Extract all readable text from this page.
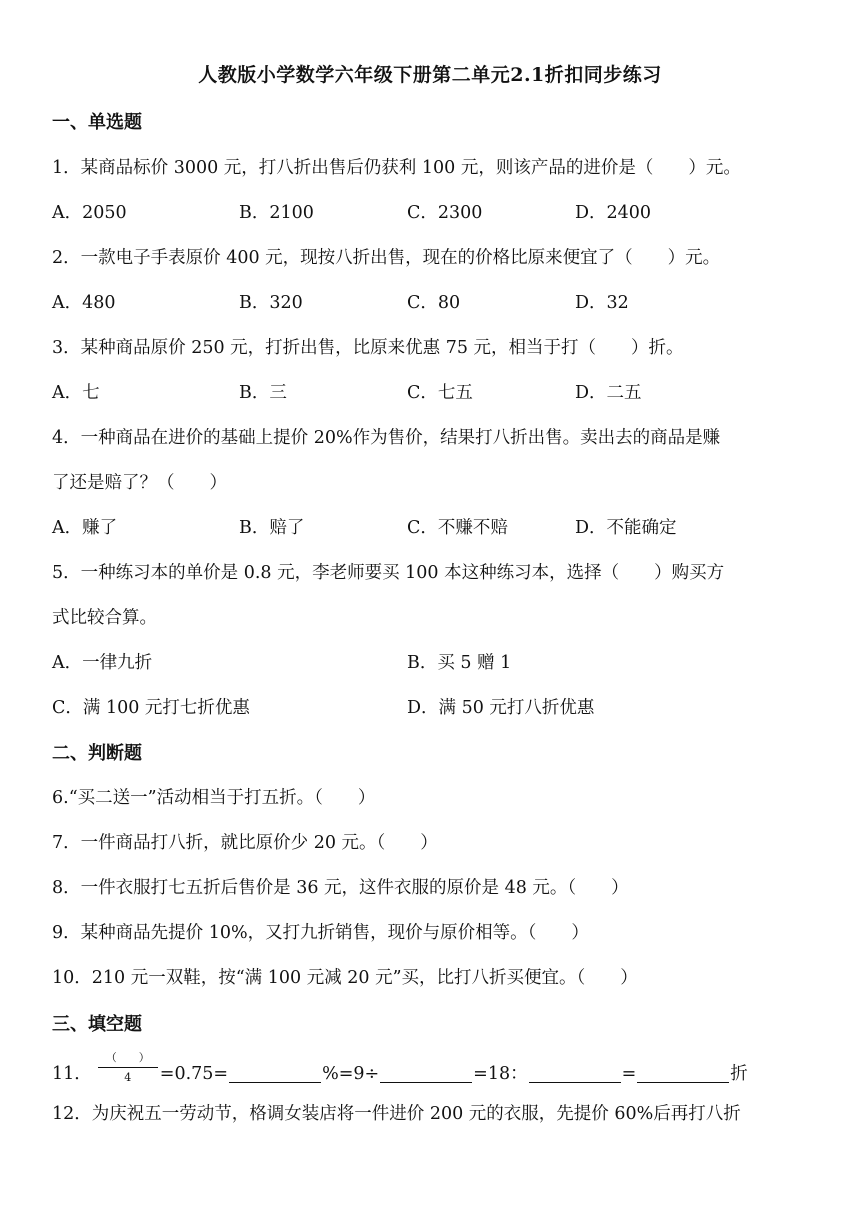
人教版小学数学六年级下册第二单元2.1折扣同步练习
一、单选题
1．某商品标价 3000 元，打八折出售后仍获利 100 元，则该产品的进价是（　　）元。
A．2050	B．2100	C．2300	D．2400
2．一款电子手表原价 400 元，现按八折出售，现在的价格比原来便宜了（　　）元。
A．480	B．320	C．80	D．32
3．某种商品原价 250 元，打折出售，比原来优惠 75 元，相当于打（　　）折。
A．七	B．三	C．七五	D．二五
4．一种商品在进价的基础上提价 20%作为售价，结果打八折出售。卖出去的商品是赚
了还是赔了？（　　）
A．赚了	B．赔了	C．不赚不赔	D．不能确定
5．一种练习本的单价是 0.8 元，李老师要买 100 本这种练习本，选择（　　）购买方
式比较合算。
A．一律九折	B．买 5 赠 1
C．满 100 元打七折优惠	D．满 50 元打八折优惠
二、判断题
6.“买二送一”活动相当于打五折。（　　）
7．一件商品打八折，就比原价少 20 元。（　　）
8．一件衣服打七五折后售价是 36 元，这件衣服的原价是 48 元。（　　）
9．某种商品先提价 10%，又打九折销售，现价与原价相等。（　　）
10．210 元一双鞋，按“满 100 元减 20 元”买，比打八折买便宜。（　　）
三、填空题
11． $\frac{( )}{4} =0.75=$	%=9÷	=18：	=	折
12．为庆祝五一劳动节，格调女装店将一件进价 200 元的衣服，先提价 60%后再打八折
